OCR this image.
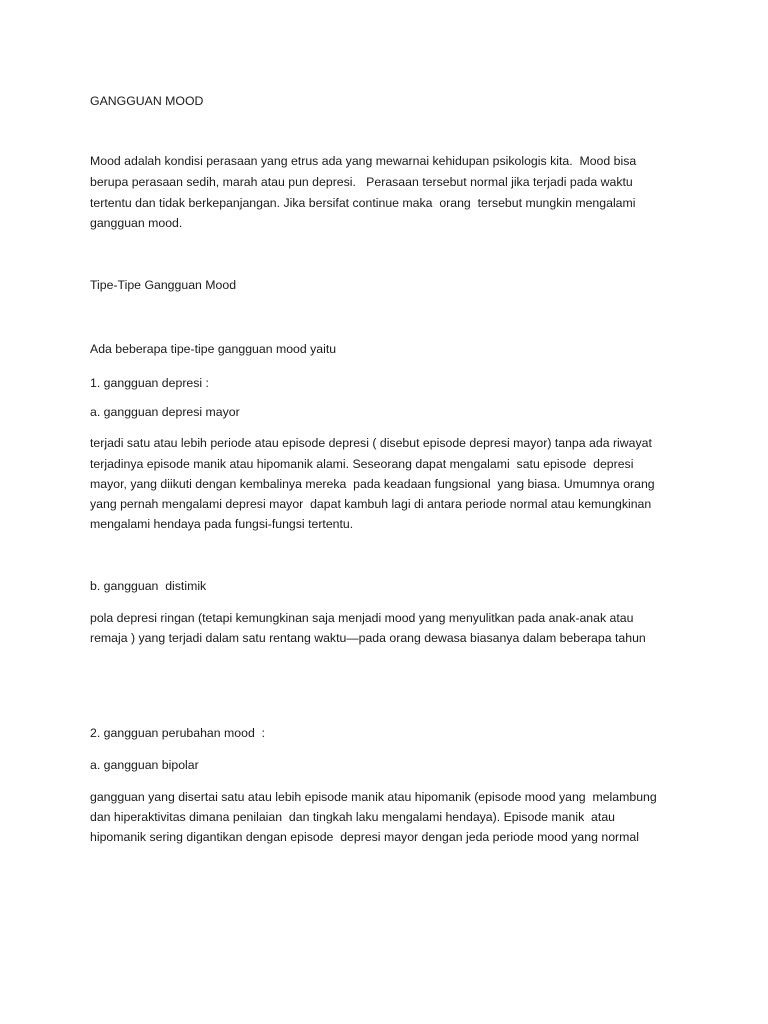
GANGGUAN MOOD
Mood adalah kondisi perasaan yang etrus ada yang mewarnai kehidupan psikologis kita.  Mood bisa
berupa perasaan sedih, marah atau pun depresi.   Perasaan tersebut normal jika terjadi pada waktu
tertentu dan tidak berkepanjangan. Jika bersifat continue maka  orang  tersebut mungkin mengalami
gangguan mood.
Tipe-Tipe Gangguan Mood
Ada beberapa tipe-tipe gangguan mood yaitu
1. gangguan depresi :
a. gangguan depresi mayor
terjadi satu atau lebih periode atau episode depresi ( disebut episode depresi mayor) tanpa ada riwayat
terjadinya episode manik atau hipomanik alami. Seseorang dapat mengalami  satu episode  depresi
mayor, yang diikuti dengan kembalinya mereka  pada keadaan fungsional  yang biasa. Umumnya orang
yang pernah mengalami depresi mayor  dapat kambuh lagi di antara periode normal atau kemungkinan
mengalami hendaya pada fungsi-fungsi tertentu.
b. gangguan  distimik
pola depresi ringan (tetapi kemungkinan saja menjadi mood yang menyulitkan pada anak-anak atau
remaja ) yang terjadi dalam satu rentang waktu—pada orang dewasa biasanya dalam beberapa tahun
2. gangguan perubahan mood  :
a. gangguan bipolar
gangguan yang disertai satu atau lebih episode manik atau hipomanik (episode mood yang  melambung
dan hiperaktivitas dimana penilaian  dan tingkah laku mengalami hendaya). Episode manik  atau
hipomanik sering digantikan dengan episode  depresi mayor dengan jeda periode mood yang normal
